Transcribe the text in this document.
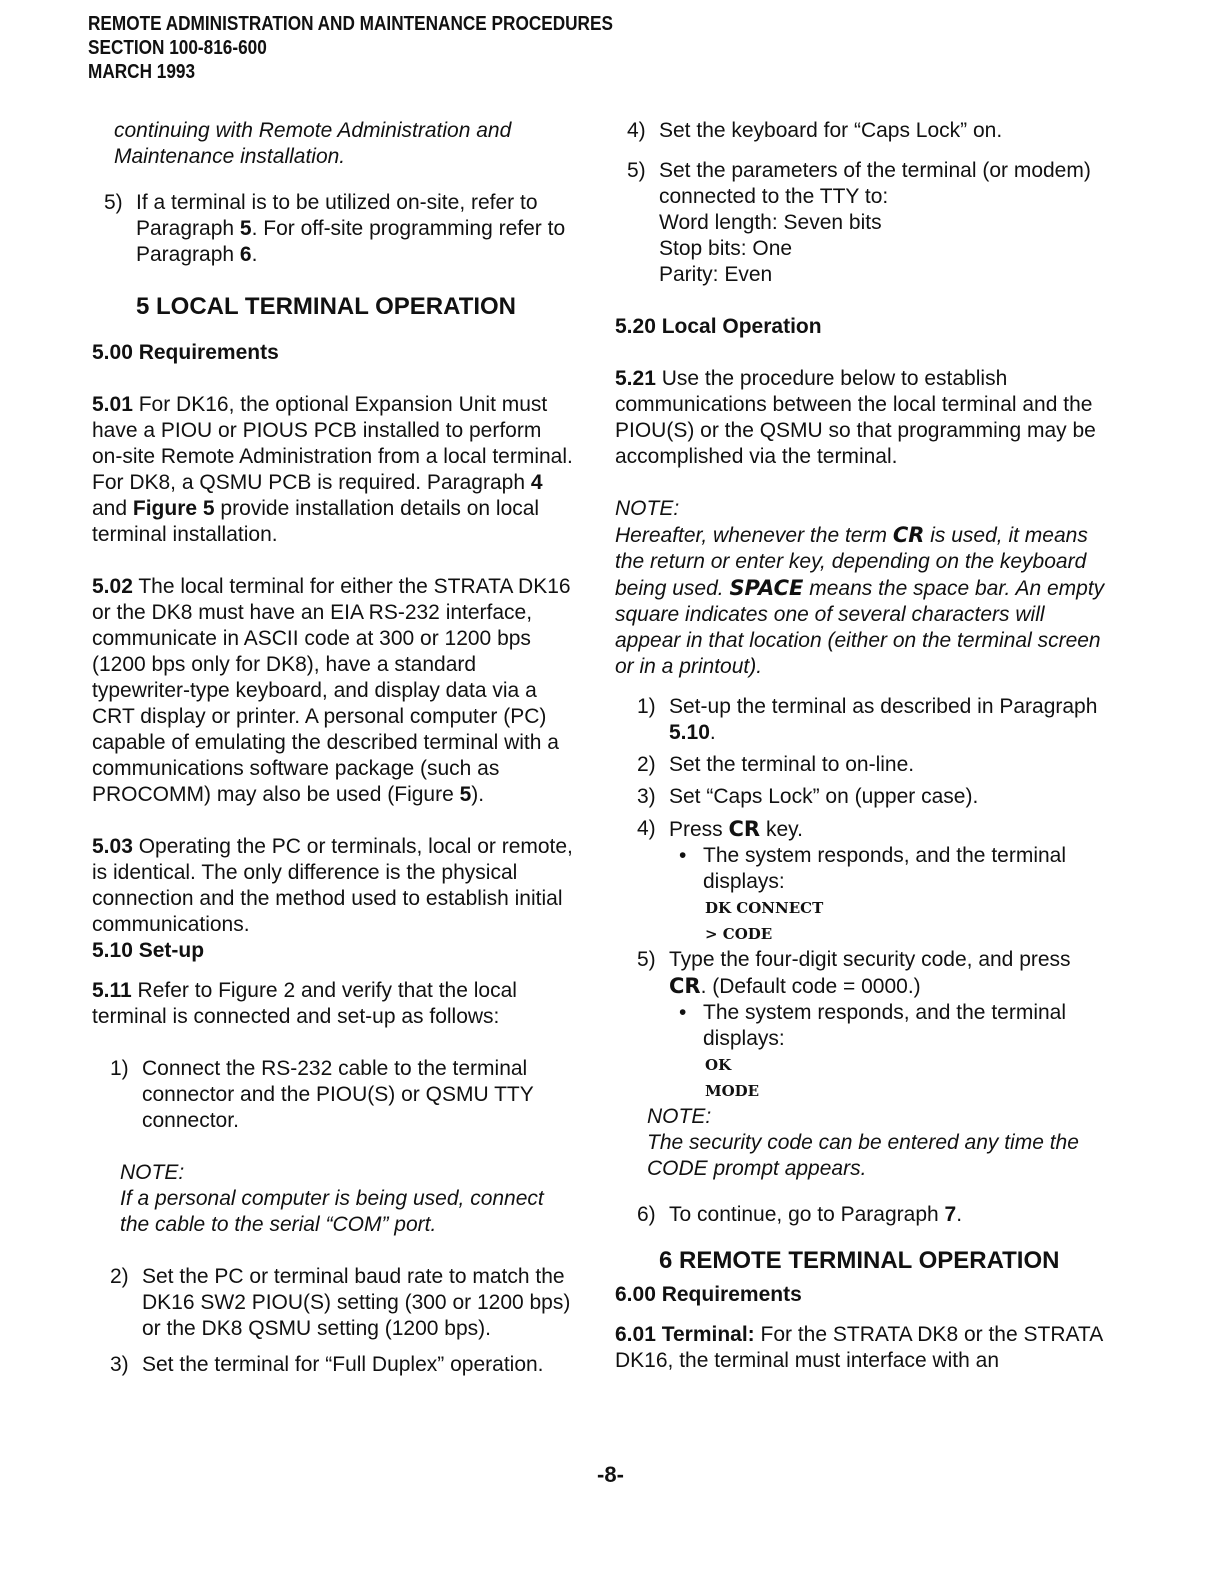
REMOTE ADMINISTRATION AND MAINTENANCE PROCEDURES
SECTION 100-816-600
MARCH 1993

continuing with Remote Administration and Maintenance installation.

5) If a terminal is to be utilized on-site, refer to Paragraph 5. For off-site programming refer to Paragraph 6.

5 LOCAL TERMINAL OPERATION

5.00 Requirements

5.01 For DK16, the optional Expansion Unit must have a PIOU or PIOUS PCB installed to perform on-site Remote Administration from a local terminal. For DK8, a QSMU PCB is required. Paragraph 4 and Figure 5 provide installation details on local terminal installation.

5.02 The local terminal for either the STRATA DK16 or the DK8 must have an EIA RS-232 interface, communicate in ASCII code at 300 or 1200 bps (1200 bps only for DK8), have a standard typewriter-type keyboard, and display data via a CRT display or printer. A personal computer (PC) capable of emulating the described terminal with a communications software package (such as PROCOMM) may also be used (Figure 5).

5.03 Operating the PC or terminals, local or remote, is identical. The only difference is the physical connection and the method used to establish initial communications.

5.10 Set-up

5.11 Refer to Figure 2 and verify that the local terminal is connected and set-up as follows:

1) Connect the RS-232 cable to the terminal connector and the PIOU(S) or QSMU TTY connector.

NOTE:

If a personal computer is being used, connect the cable to the serial “COM” port.

2) Set the PC or terminal baud rate to match the DK16 SW2 PIOU(S) setting (300 or 1200 bps) or the DK8 QSMU setting (1200 bps).
3) Set the terminal for “Full Duplex” operation.
4) Set the keyboard for “Caps Lock” on.
5) Set the parameters of the terminal (or modem) connected to the TTY to:
Word length: Seven bits
Stop bits: One
Parity: Even

5.20 Local Operation

5.21 Use the procedure below to establish communications between the local terminal and the PIOU(S) or the QSMU so that programming may be accomplished via the terminal.

NOTE:

Hereafter, whenever the term CR is used, it means the return or enter key, depending on the keyboard being used. SPACE means the space bar. An empty square indicates one of several characters will appear in that location (either on the terminal screen or in a printout).

1) Set-up the terminal as described in Paragraph 5.10.
2) Set the terminal to on-line.
3) Set “Caps Lock” on (upper case).
4) Press CR key.
• The system responds, and the terminal displays:
DK CONNECT
> CODE
5) Type the four-digit security code, and press CR. (Default code = 0000.)
• The system responds, and the terminal displays:
OK
MODE

NOTE:

The security code can be entered any time the CODE prompt appears.

6) To continue, go to Paragraph 7.

6 REMOTE TERMINAL OPERATION

6.00 Requirements

6.01 Terminal: For the STRATA DK8 or the STRATA DK16, the terminal must interface with an

-8-
